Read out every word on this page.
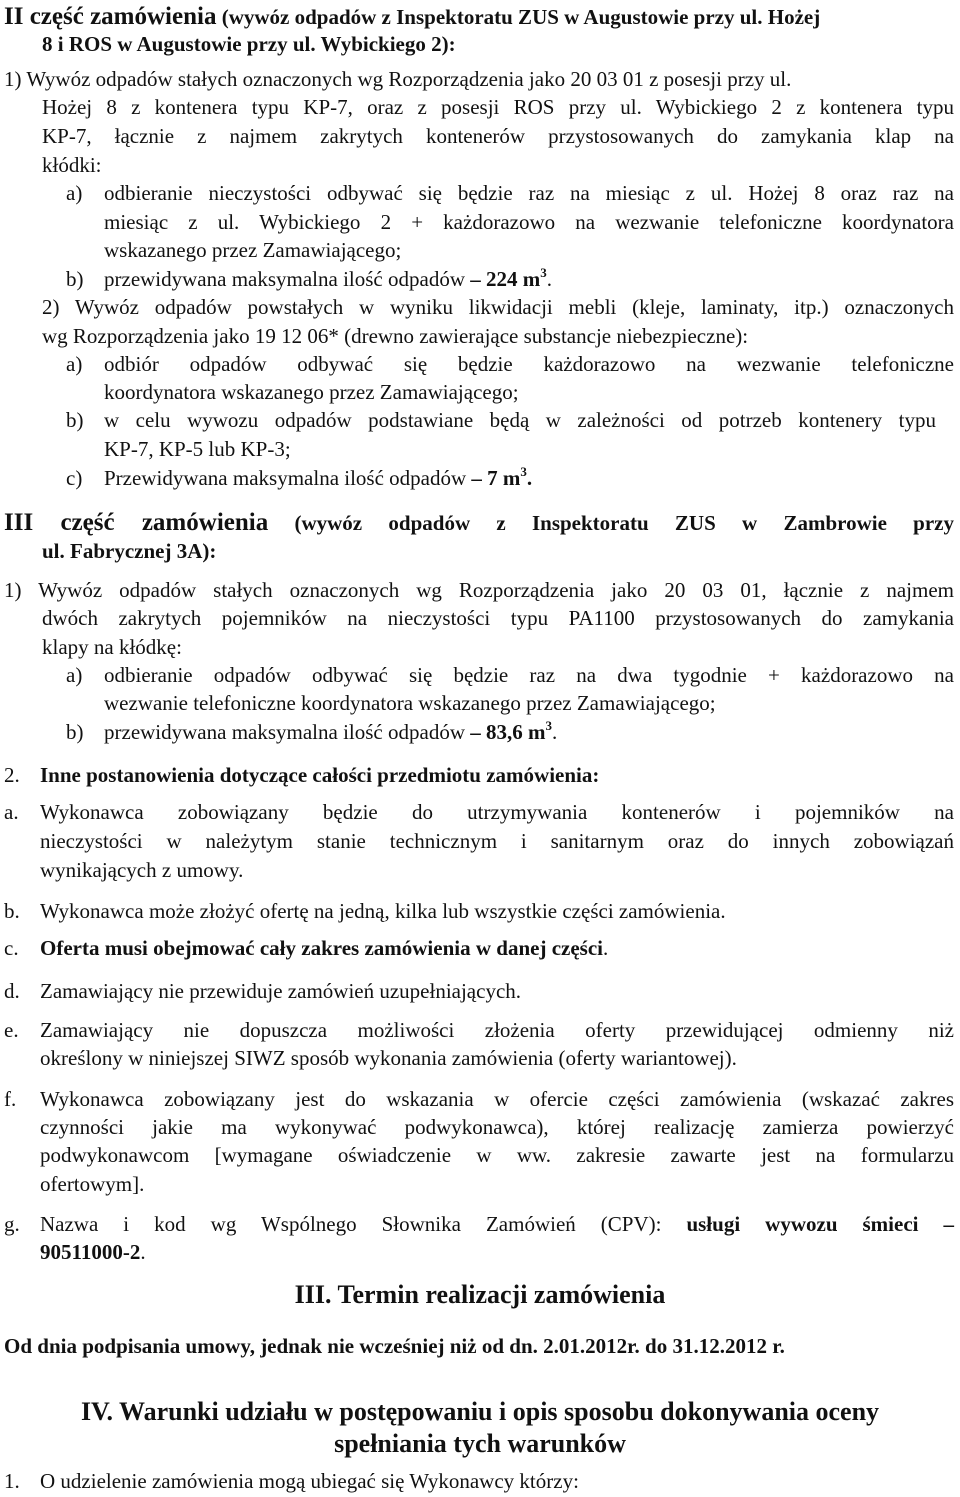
II część zamówienia (wywóz odpadów z Inspektoratu ZUS w Augustowie przy ul. Hożej
8 i ROS w Augustowie przy ul. Wybickiego 2):
1) Wywóz odpadów stałych oznaczonych wg Rozporządzenia jako 20 03 01 z posesji przy ul.
Hożej 8 z kontenera typu KP-7, oraz z posesji ROS przy ul. Wybickiego 2 z kontenera typu
KP-7, łącznie z najmem zakrytych kontenerów przystosowanych do zamykania klap na
kłódki:
a) odbieranie nieczystości odbywać się będzie raz na miesiąc z ul. Hożej 8 oraz raz na
miesiąc z ul. Wybickiego 2 + każdorazowo na wezwanie telefoniczne koordynatora
wskazanego przez Zamawiającego;
b) przewidywana maksymalna ilość odpadów – 224 $m^3$.
2) Wywóz odpadów powstałych w wyniku likwidacji mebli (kleje, laminaty, itp.) oznaczonych
wg Rozporządzenia jako 19 12 06* (drewno zawierające substancje niebezpieczne):
a) odbiór odpadów odbywać się będzie każdorazowo na wezwanie telefoniczne
koordynatora wskazanego przez Zamawiającego;
b) w celu wywozu odpadów podstawiane będą w zależności od potrzeb kontenery typu
KP-7, KP-5 lub KP-3;
c) Przewidywana maksymalna ilość odpadów – 7 $m^3$.
III część zamówienia (wywóz odpadów z Inspektoratu ZUS w Zambrowie przy
ul. Fabrycznej 3A):
1) Wywóz odpadów stałych oznaczonych wg Rozporządzenia jako 20 03 01, łącznie z najmem
dwóch zakrytych pojemników na nieczystości typu PA1100 przystosowanych do zamykania
klapy na kłódkę:
a) odbieranie odpadów odbywać się będzie raz na dwa tygodnie + każdorazowo na
wezwanie telefoniczne koordynatora wskazanego przez Zamawiającego;
b) przewidywana maksymalna ilość odpadów – 83,6 $m^3$.
2. Inne postanowienia dotyczące całości przedmiotu zamówienia:
a. Wykonawca zobowiązany będzie do utrzymywania kontenerów i pojemników na
nieczystości w należytym stanie technicznym i sanitarnym oraz do innych zobowiązań
wynikających z umowy.
b. Wykonawca może złożyć ofertę na jedną, kilka lub wszystkie części zamówienia.
c. Oferta musi obejmować cały zakres zamówienia w danej części.
d. Zamawiający nie przewiduje zamówień uzupełniających.
e. Zamawiający nie dopuszcza możliwości złożenia oferty przewidującej odmienny niż
określony w niniejszej SIWZ sposób wykonania zamówienia (oferty wariantowej).
f. Wykonawca zobowiązany jest do wskazania w ofercie części zamówienia (wskazać zakres
czynności jakie ma wykonywać podwykonawca), której realizację zamierza powierzyć
podwykonawcom [wymagane oświadczenie w ww. zakresie zawarte jest na formularzu
ofertowym].
g. Nazwa i kod wg Wspólnego Słownika Zamówień (CPV): usługi wywozu śmieci –
90511000-2.
III. Termin realizacji zamówienia
Od dnia podpisania umowy, jednak nie wcześniej niż od dn. 2.01.2012r. do 31.12.2012 r.
IV. Warunki udziału w postępowaniu i opis sposobu dokonywania oceny
spełniania tych warunków
1. O udzielenie zamówienia mogą ubiegać się Wykonawcy którzy:
